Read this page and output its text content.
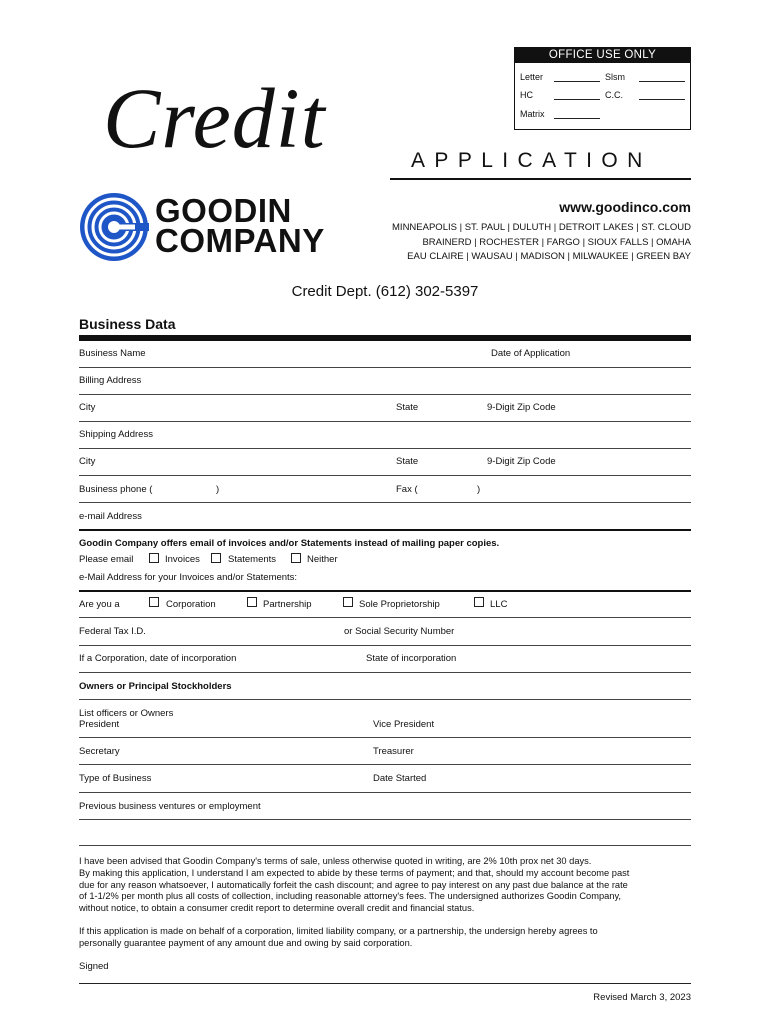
OFFICE USE ONLY
Letter	Slsm
HC	C.C.
Matrix
Credit	APPLICATION
GOODIN
COMPANY
www.goodinco.com
MINNEAPOLIS | ST. PAUL | DULUTH | DETROIT LAKES | ST. CLOUD
BRAINERD | ROCHESTER | FARGO | SIOUX FALLS | OMAHA
EAU CLAIRE | WAUSAU | MADISON | MILWAUKEE | GREEN BAY
Credit Dept. (612) 302-5397
Business Data
Business Name	Date of Application
Billing Address
City	State	9-Digit Zip Code
Shipping Address
City	State	9-Digit Zip Code
Business phone (	)	Fax (	)
e-mail Address
Goodin Company offers email of invoices and/or Statements instead of mailing paper copies.
Please email	Invoices	Statements	Neither
e-Mail Address for your Invoices and/or Statements:
Are you a	Corporation	Partnership	Sole Proprietorship	LLC
Federal Tax I.D.	or Social Security Number
If a Corporation, date of incorporation	State of incorporation
Owners or Principal Stockholders
List officers or Owners
President	Vice President
Secretary	Treasurer
Type of Business	Date Started
Previous business ventures or employment
I have been advised that Goodin Company's terms of sale, unless otherwise quoted in writing, are 2% 10th prox net 30 days.
By making this application, I understand I am expected to abide by these terms of payment; and that, should my account become past
due for any reason whatsoever, I automatically forfeit the cash discount; and agree to pay interest on any past due balance at the rate
of 1-1/2% per month plus all costs of collection, including reasonable attorney's fees. The undersigned authorizes Goodin Company,
without notice, to obtain a consumer credit report to determine overall credit and financial status.
If this application is made on behalf of a corporation, limited liability company, or a partnership, the undersign hereby agrees to
personally guarantee payment of any amount due and owing by said corporation.
Signed
Revised March 3, 2023
